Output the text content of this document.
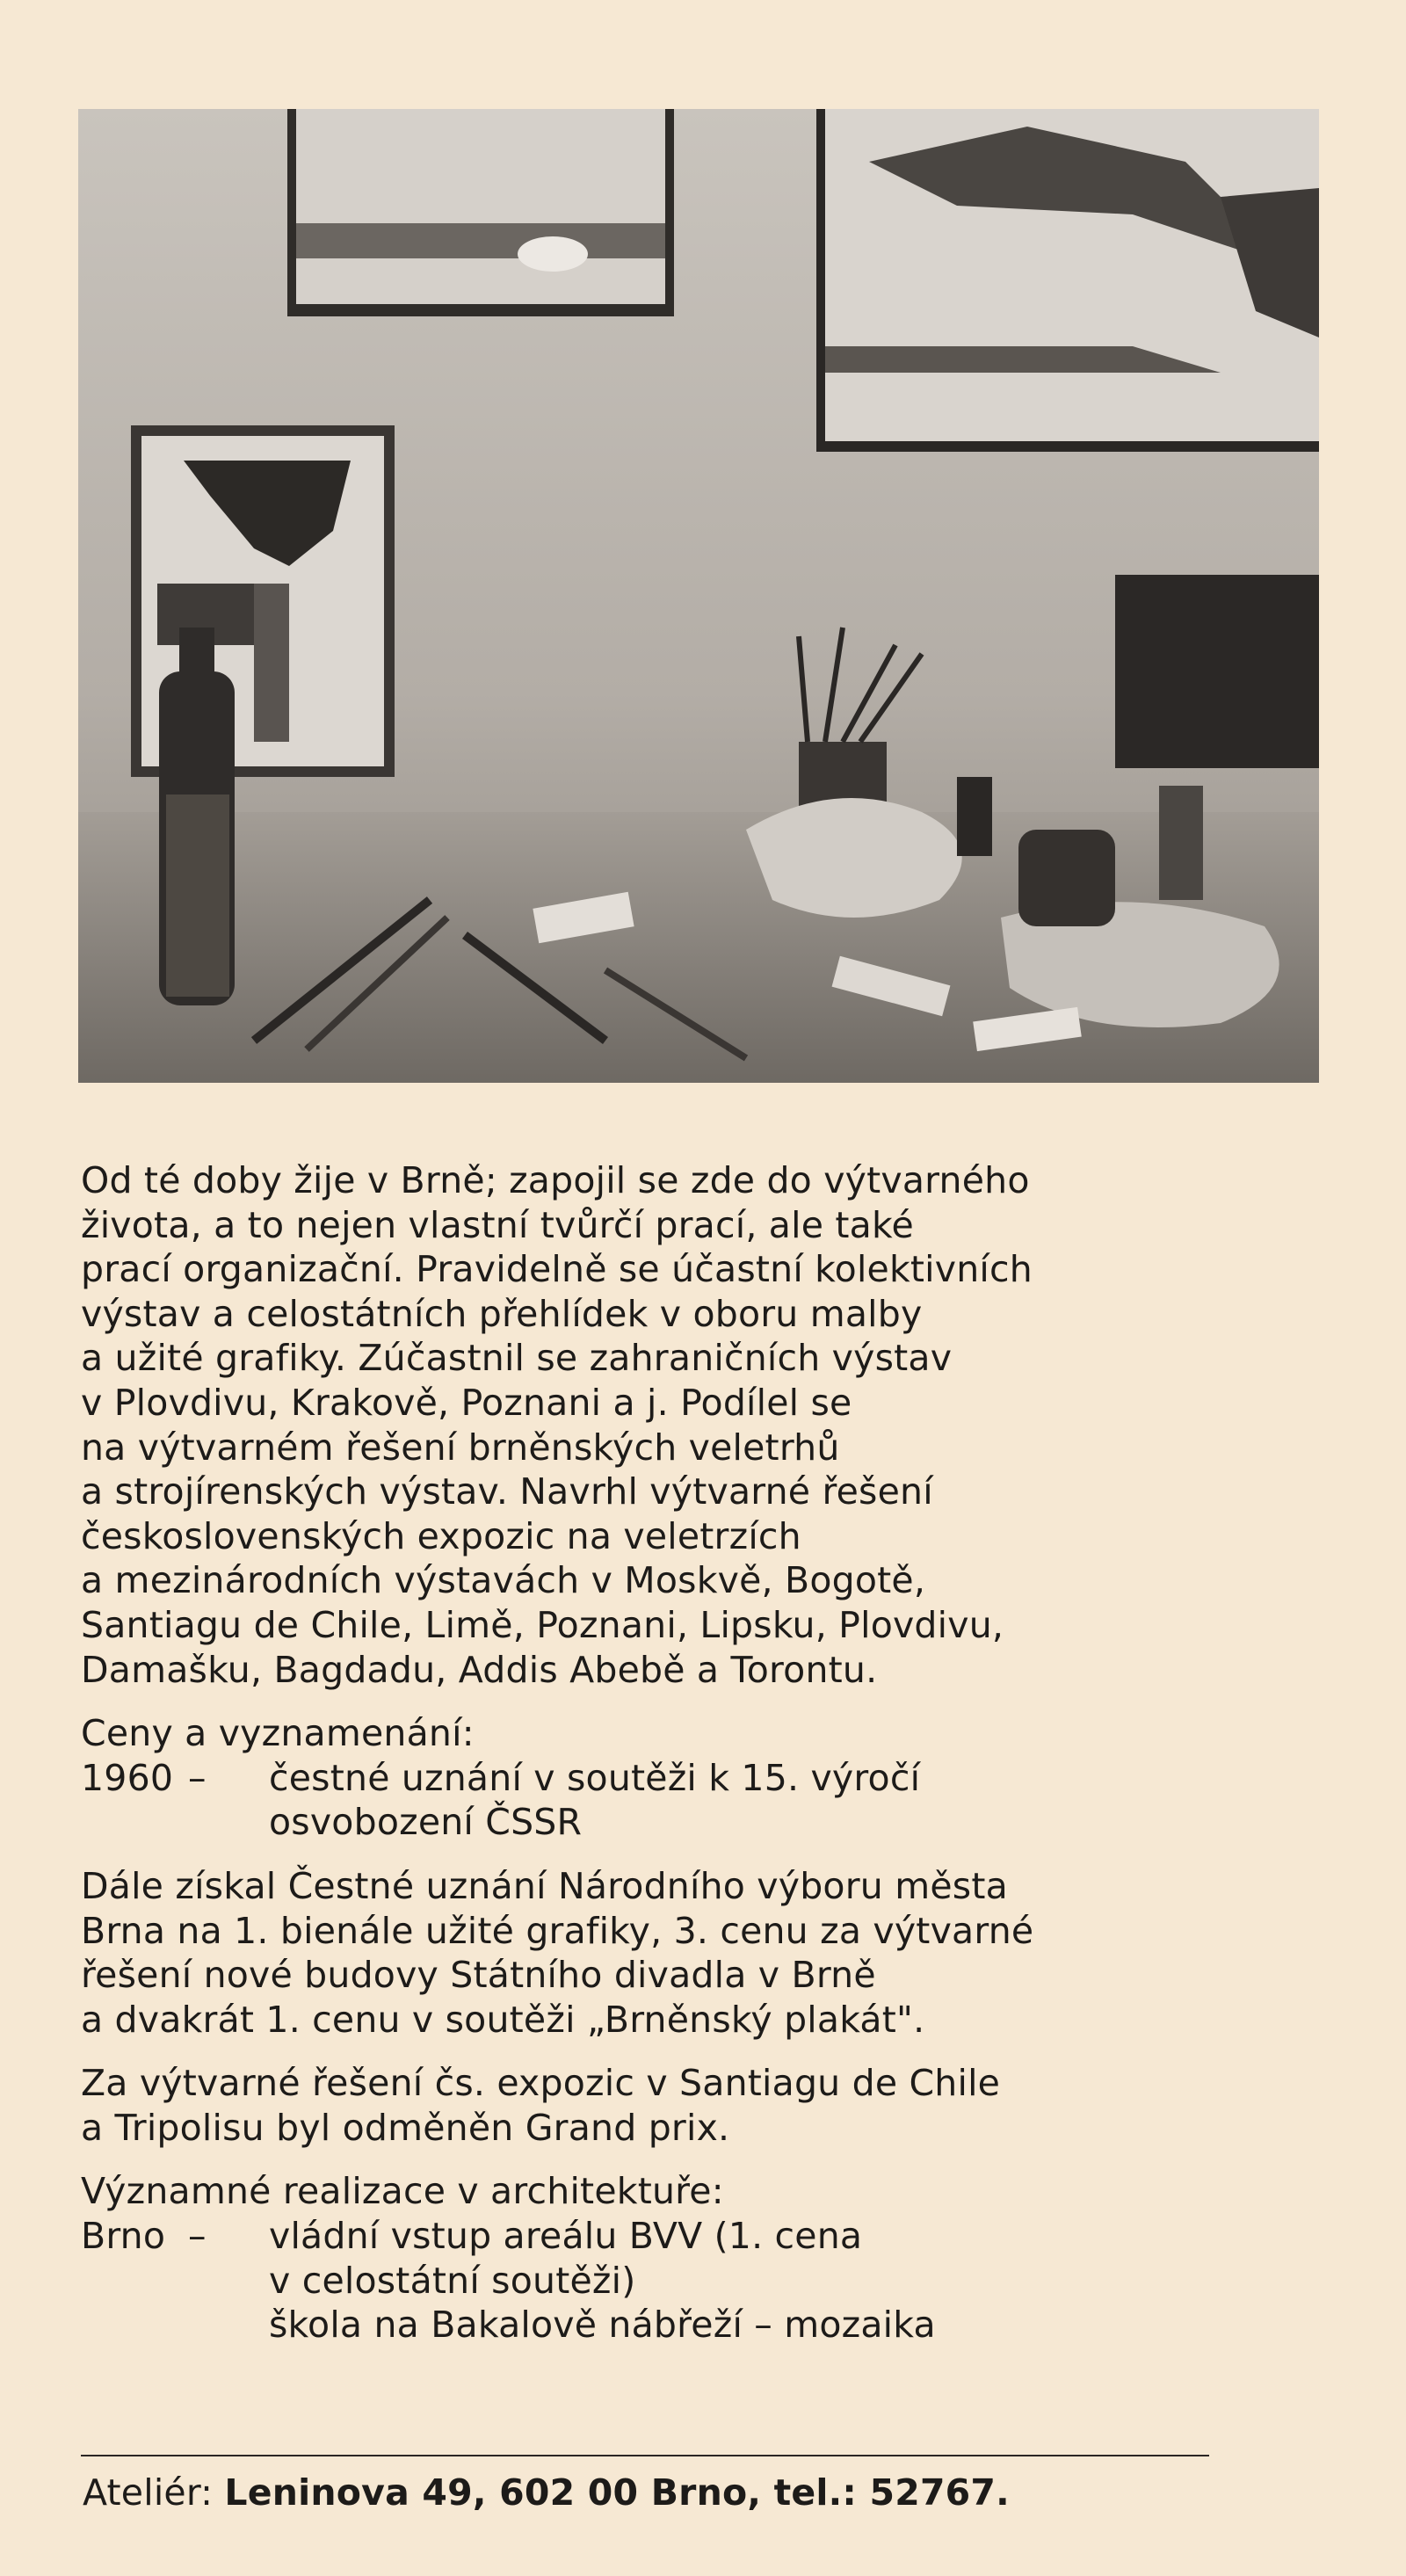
Od té doby žije v Brně; zapojil se zde do výtvarného
života, a to nejen vlastní tvůrčí prací, ale také
prací organizační. Pravidelně se účastní kolektivních
výstav a celostátních přehlídek v oboru malby
a užité grafiky. Zúčastnil se zahraničních výstav
v Plovdivu, Krakově, Poznani a j. Podílel se
na výtvarném řešení brněnských veletrhů
a strojírenských výstav. Navrhl výtvarné řešení
československých expozic na veletrzích
a mezinárodních výstavách v Moskvě, Bogotě,
Santiagu de Chile, Limě, Poznani, Lipsku, Plovdivu,
Damašku, Bagdadu, Addis Abebě a Torontu.
Ceny a vyznamenání:
1960 –	čestné uznání v soutěži k 15. výročí
osvobození ČSSR
Dále získal Čestné uznání Národního výboru města
Brna na 1. bienále užité grafiky, 3. cenu za výtvarné
řešení nové budovy Státního divadla v Brně
a dvakrát 1. cenu v soutěži „Brněnský plakát".
Za výtvarné řešení čs. expozic v Santiagu de Chile
a Tripolisu byl odměněn Grand prix.
Významné realizace v architektuře:
Brno –	vládní vstup areálu BVV (1. cena
v celostátní soutěži)
škola na Bakalově nábřeží – mozaika
Ateliér: Leninova 49, 602 00 Brno, tel.: 52767.
